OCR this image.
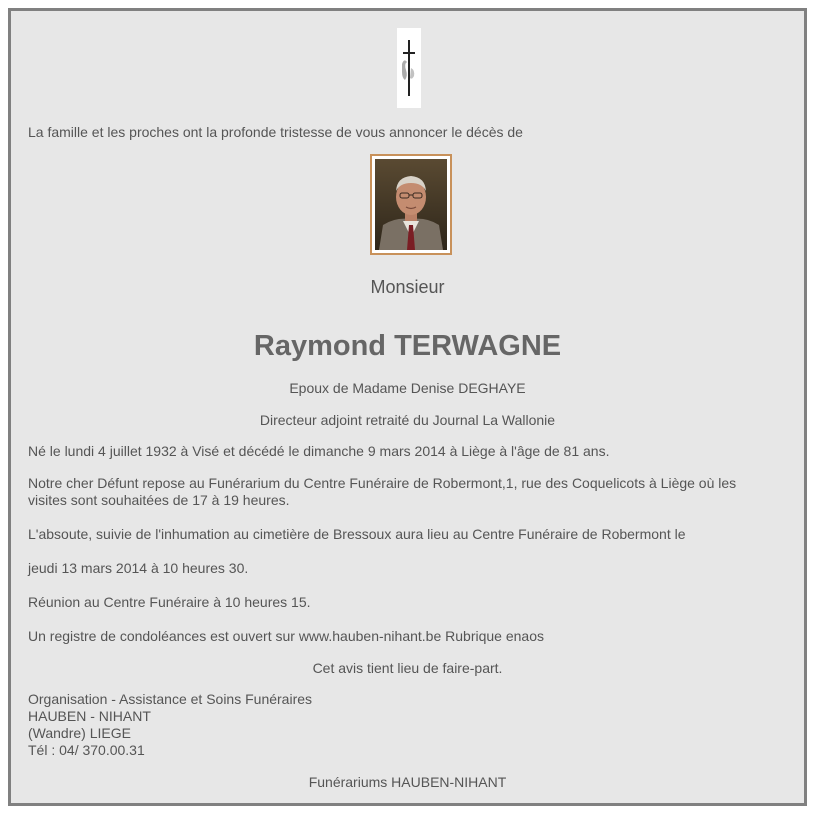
La famille et les proches ont la profonde tristesse de vous annoncer le décès de
Monsieur
Raymond TERWAGNE
Epoux de Madame Denise DEGHAYE
Directeur adjoint retraité du Journal La Wallonie
Né le lundi 4 juillet 1932 à Visé et décédé le dimanche 9 mars 2014 à Liège à l'âge de 81 ans.
Notre cher Défunt repose au Funérarium du Centre Funéraire de Robermont,1, rue des Coquelicots à Liège où les
visites sont souhaitées de 17 à 19 heures.
L'absoute, suivie de l'inhumation au cimetière de Bressoux aura lieu au Centre Funéraire de Robermont le
jeudi 13 mars 2014 à 10 heures 30.
Réunion au Centre Funéraire à 10 heures 15.
Un registre de condoléances est ouvert sur www.hauben-nihant.be Rubrique enaos
Cet avis tient lieu de faire-part.
Organisation - Assistance et Soins Funéraires
HAUBEN - NIHANT
(Wandre) LIEGE
Tél : 04/ 370.00.31
Funérariums HAUBEN-NIHANT
